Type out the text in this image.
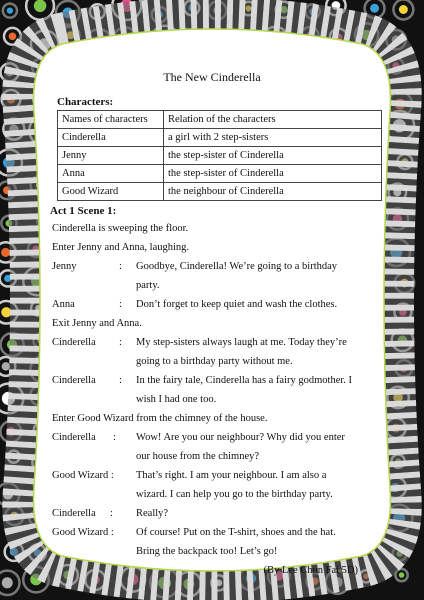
The New Cinderella
Characters:
Names of characters	Relation of the characters
Cinderella	a girl with 2 step-sisters
Jenny	the step-sister of Cinderella
Anna	the step-sister of Cinderella
Good Wizard	the neighbour of Cinderella
Act 1 Scene 1:
Cinderella is sweeping the floor.
Enter Jenny and Anna, laughing.
Jenny	: Goodbye, Cinderella! We’re going to a birthday
party.
Anna	: Don’t forget to keep quiet and wash the clothes.
Exit Jenny and Anna.
Cinderella : My step-sisters always laugh at me. Today they’re
going to a birthday party without me.
Cinderella : In the fairy tale, Cinderella has a fairy godmother. I
wish I had one too.
Enter Good Wizard from the chimney of the house.
Cinderella : Wow! Are you our neighbour? Why did you enter
our house from the chimney?
Good Wizard : That’s right. I am your neighbour. I am also a
wizard. I can help you go to the birthday party.
Cinderella : Really?
Good Wizard : Of course! Put on the T-shirt, shoes and the hat.
Bring the backpack too! Let’s go!
(By Lee Chun Fai 5D)
